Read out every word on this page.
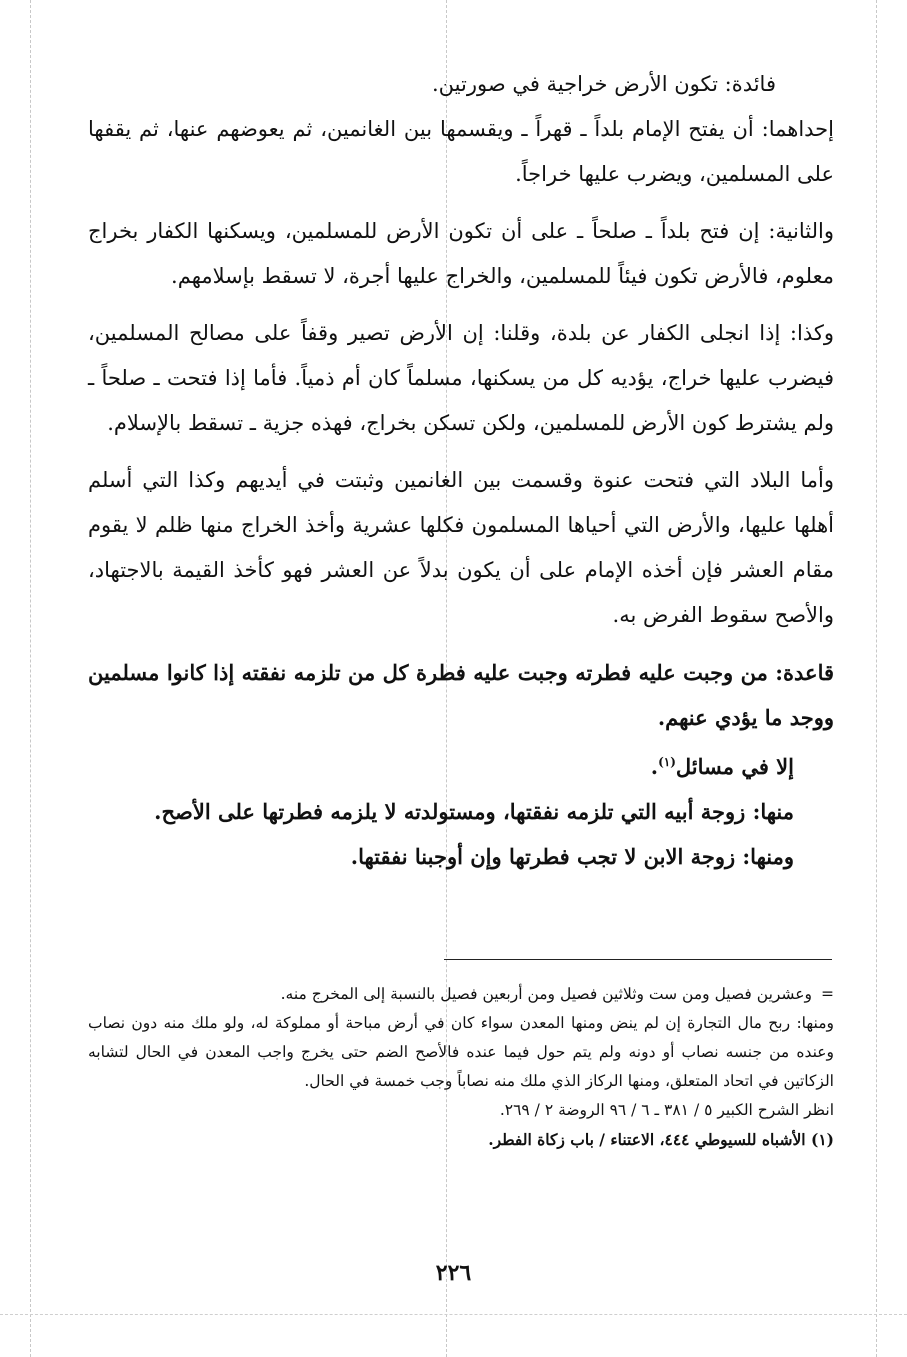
فائدة: تكون الأرض خراجية في صورتين.

إحداهما: أن يفتح الإمام بلداً ـ قهراً ـ ويقسمها بين الغانمين، ثم يعوضهم عنها، ثم يقفها على المسلمين، ويضرب عليها خراجاً.

والثانية: إن فتح بلداً ـ صلحاً ـ على أن تكون الأرض للمسلمين، ويسكنها الكفار بخراج معلوم، فالأرض تكون فيئاً للمسلمين، والخراج عليها أجرة، لا تسقط بإسلامهم.

وكذا: إذا انجلى الكفار عن بلدة، وقلنا: إن الأرض تصير وقفاً على مصالح المسلمين، فيضرب عليها خراج، يؤديه كل من يسكنها، مسلماً كان أم ذمياً. فأما إذا فتحت ـ صلحاً ـ ولم يشترط كون الأرض للمسلمين، ولكن تسكن بخراج، فهذه جزية ـ تسقط بالإسلام.

وأما البلاد التي فتحت عنوة وقسمت بين الغانمين وثبتت في أيديهم وكذا التي أسلم أهلها عليها، والأرض التي أحياها المسلمون فكلها عشرية وأخذ الخراج منها ظلم لا يقوم مقام العشر فإن أخذه الإمام على أن يكون بدلاً عن العشر فهو كأخذ القيمة بالاجتهاد، والأصح سقوط الفرض به.

قاعدة: من وجبت عليه فطرته وجبت عليه فطرة كل من تلزمه نفقته إذا كانوا مسلمين ووجد ما يؤدي عنهم.

إلا في مسائل$^{(١)}$.

منها: زوجة أبيه التي تلزمه نفقتها، ومستولدته لا يلزمه فطرتها على الأصح.

ومنها: زوجة الابن لا تجب فطرتها وإن أوجبنا نفقتها.

=وعشرين فصيل ومن ست وثلاثين فصيل ومن أربعين فصيل بالنسبة إلى المخرج منه.

ومنها: ربح مال التجارة إن لم ينض ومنها المعدن سواء كان في أرض مباحة أو مملوكة له، ولو ملك منه دون نصاب وعنده من جنسه نصاب أو دونه ولم يتم حول فيما عنده فالأصح الضم حتى يخرج واجب المعدن في الحال لتشابه الزكاتين في اتحاد المتعلق، ومنها الركاز الذي ملك منه نصاباً وجب خمسة في الحال.

انظر الشرح الكبير ٥ / ٣٨١ ـ ٦ / ٩٦ الروضة ٢ / ٢٦٩.

(١) الأشباه للسيوطي ٤٤٤، الاعتناء / باب زكاة الفطر.

٢٢٦
